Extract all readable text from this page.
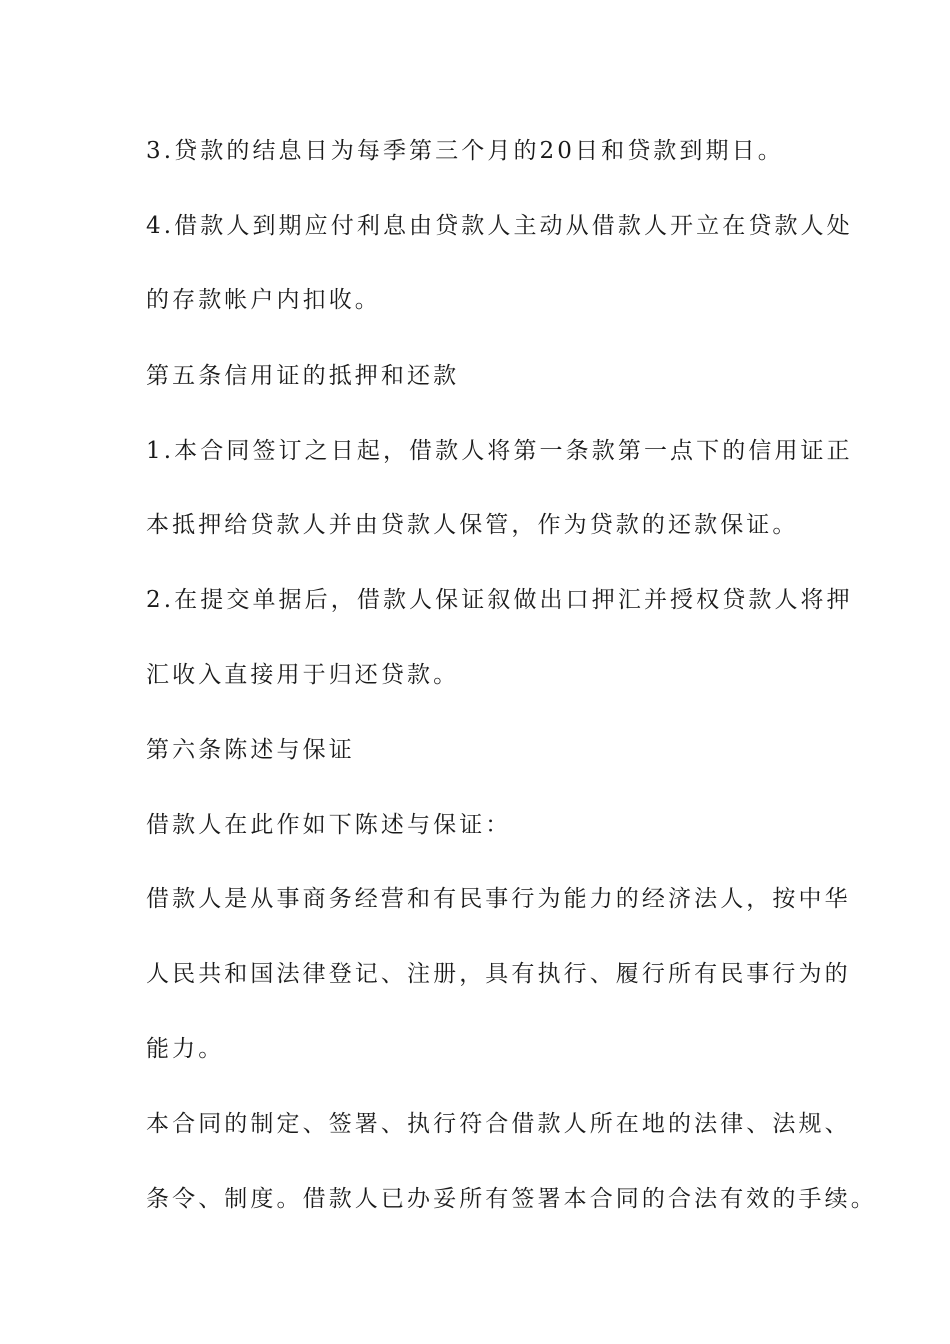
3.贷款的结息日为每季第三个月的20日和贷款到期日。
4.借款人到期应付利息由贷款人主动从借款人开立在贷款人处
的存款帐户内扣收。
第五条信用证的抵押和还款
1.本合同签订之日起，借款人将第一条款第一点下的信用证正
本抵押给贷款人并由贷款人保管，作为贷款的还款保证。
2.在提交单据后，借款人保证叙做出口押汇并授权贷款人将押
汇收入直接用于归还贷款。
第六条陈述与保证
借款人在此作如下陈述与保证：
借款人是从事商务经营和有民事行为能力的经济法人，按中华
人民共和国法律登记、注册，具有执行、履行所有民事行为的
能力。
本合同的制定、签署、执行符合借款人所在地的法律、法规、
条令、制度。借款人已办妥所有签署本合同的合法有效的手续。
